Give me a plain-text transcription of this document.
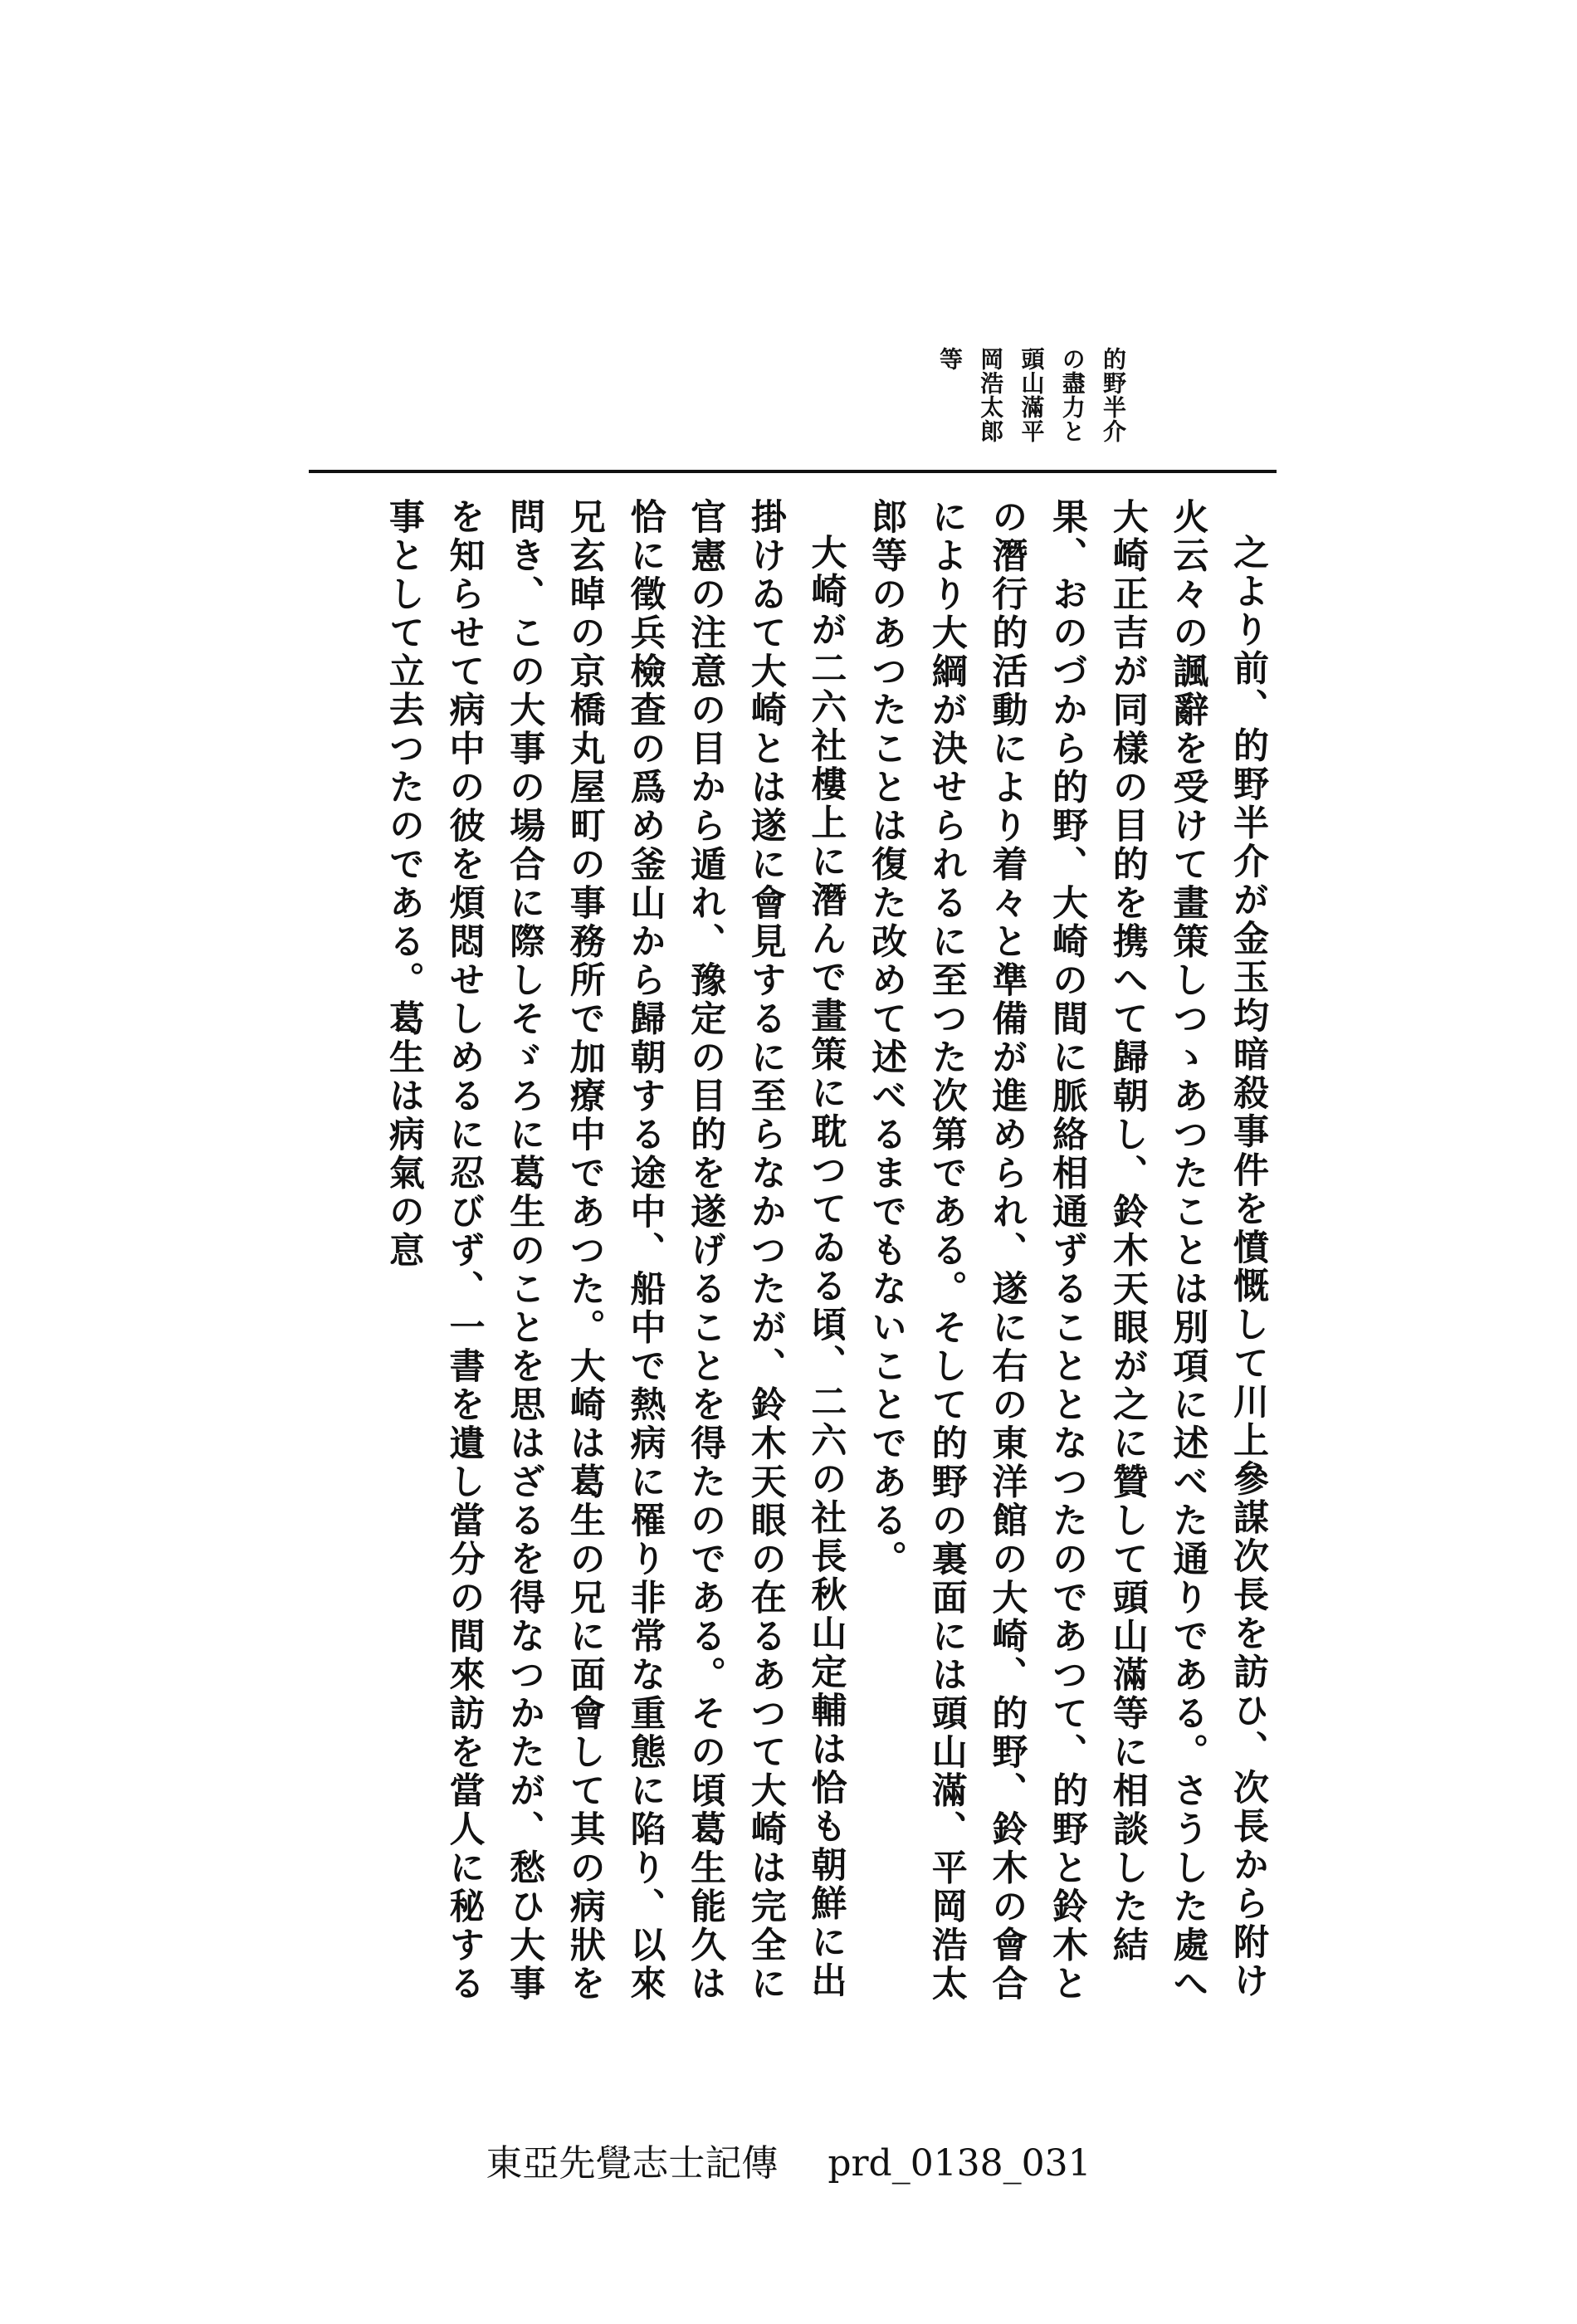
的野半介
の盡力と
頭山滿平
岡浩太郎
等

之より前、的野半介が金玉均暗殺事件を憤慨して川上參謀次長を訪ひ、次長から附け火云々の諷辭を受けて畫策しつゝあつたことは別項に述べた通りである。さうした處へ大崎正吉が同樣の目的を携へて歸朝し、鈴木天眼が之に贊して頭山滿等に相談した結果、おのづから的野、大崎の間に脈絡相通ずることとなつたのであつて、的野と鈴木との潛行的活動により着々と準備が進められ、遂に右の東洋館の大崎、的野、鈴木の會合により大綱が決せられるに至つた次第である。そして的野の裏面には頭山滿、平岡浩太郎等のあつたことは復た改めて述べるまでもないことである。

大崎が二六社樓上に潛んで畫策に耽つてゐる頃、二六の社長秋山定輔は恰も朝鮮に出掛けゐて大崎とは遂に會見するに至らなかつたが、鈴木天眼の在るあつて大崎は完全に官憲の注意の目から遁れ、豫定の目的を遂げることを得たのである。その頃葛生能久は恰に徵兵檢查の爲め釜山から歸朝する途中、船中で熱病に罹り非常な重態に陷り、以來兄玄晫の京橋丸屋町の事務所で加療中であつた。大崎は葛生の兄に面會して其の病狀を問き、この大事の場合に際しそゞろに葛生のことを思はざるを得なつかたが、愁ひ大事を知らせて病中の彼を煩悶せしめるに忍びず、一書を遺し當分の間來訪を當人に秘する事として立去つたのである。葛生は病氣の恴

東亞先覺志士記傳 prd_0138_031
